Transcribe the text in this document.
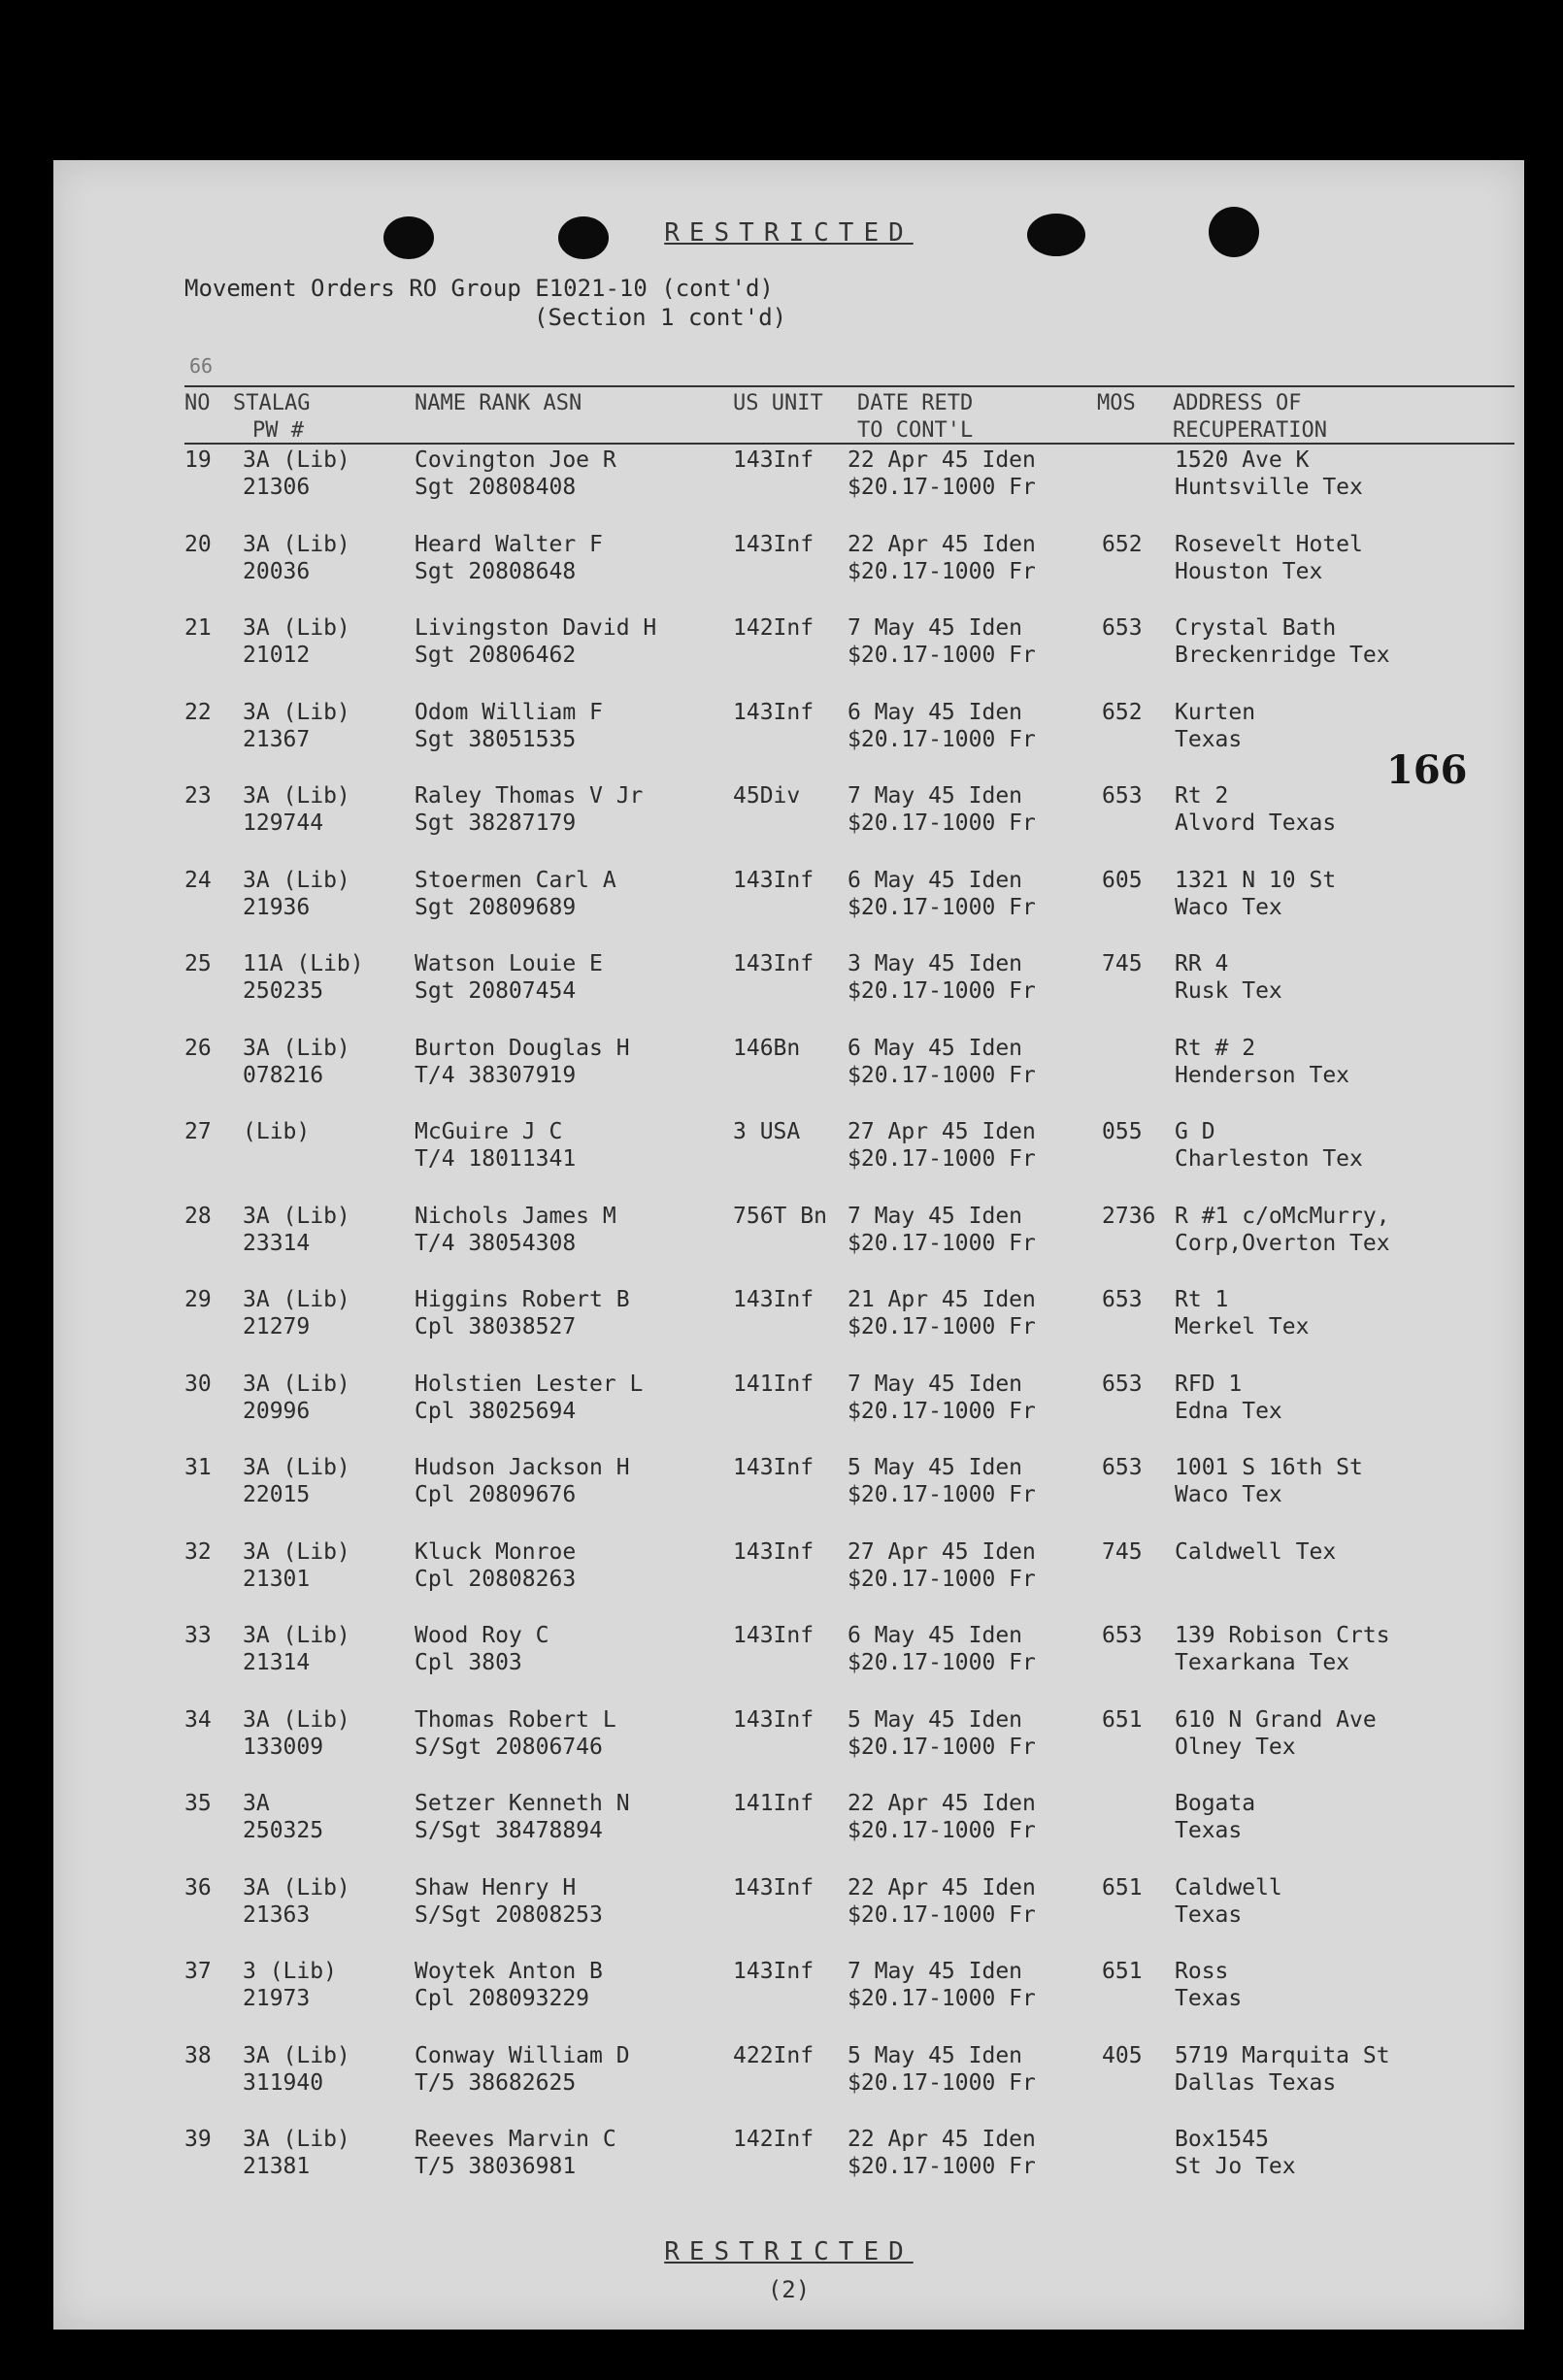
RESTRICTED
Movement Orders RO Group E1021-10 (cont'd)
(Section 1 cont'd)
66
166
NO STALAG
PW #
NAME RANK ASN	US UNIT DATE RETD
TO CONT'L
MOS ADDRESS OF
RECUPERATION
19 3A (Lib)
21306
Covington Joe R
Sgt 20808408
143Inf 22 Apr 45 Iden
$20.17-1000 Fr
1520 Ave K
Huntsville Tex
20 3A (Lib)
20036
Heard Walter F
Sgt 20808648
143Inf 22 Apr 45 Iden
$20.17-1000 Fr
652 Rosevelt Hotel
Houston Tex
21 3A (Lib)
21012
Livingston David H
Sgt 20806462
142Inf 7 May 45 Iden
$20.17-1000 Fr
653 Crystal Bath
Breckenridge Tex
22 3A (Lib)
21367
Odom William F
Sgt 38051535
143Inf 6 May 45 Iden
$20.17-1000 Fr
652 Kurten
Texas
23 3A (Lib)
129744
Raley Thomas V Jr
Sgt 38287179
45Div 7 May 45 Iden
$20.17-1000 Fr
653 Rt 2
Alvord Texas
24 3A (Lib)
21936
Stoermen Carl A
Sgt 20809689
143Inf 6 May 45 Iden
$20.17-1000 Fr
605 1321 N 10 St
Waco Tex
25 11A (Lib)
250235
Watson Louie E
Sgt 20807454
143Inf 3 May 45 Iden
$20.17-1000 Fr
745 RR 4
Rusk Tex
26 3A (Lib)
078216
Burton Douglas H
T/4 38307919
146Bn 6 May 45 Iden
$20.17-1000 Fr
Rt # 2
Henderson Tex
27 (Lib)	McGuire J C
T/4 18011341
3 USA 27 Apr 45 Iden
$20.17-1000 Fr
055 G D
Charleston Tex
28 3A (Lib)
23314
Nichols James M
T/4 38054308
756T Bn 7 May 45 Iden
$20.17-1000 Fr
2736 R #1 c/oMcMurry,
Corp,Overton Tex
29 3A (Lib)
21279
Higgins Robert B
Cpl 38038527
143Inf 21 Apr 45 Iden
$20.17-1000 Fr
653 Rt 1
Merkel Tex
30 3A (Lib)
20996
Holstien Lester L
Cpl 38025694
141Inf 7 May 45 Iden
$20.17-1000 Fr
653 RFD 1
Edna Tex
31 3A (Lib)
22015
Hudson Jackson H
Cpl 20809676
143Inf 5 May 45 Iden
$20.17-1000 Fr
653 1001 S 16th St
Waco Tex
32 3A (Lib)
21301
Kluck Monroe
Cpl 20808263
143Inf 27 Apr 45 Iden
$20.17-1000 Fr
745 Caldwell Tex
33 3A (Lib)
21314
Wood Roy C
Cpl 3803
143Inf 6 May 45 Iden
$20.17-1000 Fr
653 139 Robison Crts
Texarkana Tex
34 3A (Lib)
133009
Thomas Robert L
S/Sgt 20806746
143Inf 5 May 45 Iden
$20.17-1000 Fr
651 610 N Grand Ave
Olney Tex
35 3A
250325
Setzer Kenneth N
S/Sgt 38478894
141Inf 22 Apr 45 Iden
$20.17-1000 Fr
Bogata
Texas
36 3A (Lib)
21363
Shaw Henry H
S/Sgt 20808253
143Inf 22 Apr 45 Iden
$20.17-1000 Fr
651 Caldwell
Texas
37 3 (Lib)
21973
Woytek Anton B
Cpl 208093229
143Inf 7 May 45 Iden
$20.17-1000 Fr
651 Ross
Texas
38 3A (Lib)
311940
Conway William D
T/5 38682625
422Inf 5 May 45 Iden
$20.17-1000 Fr
405 5719 Marquita St
Dallas Texas
39 3A (Lib)
21381
Reeves Marvin C
T/5 38036981
142Inf 22 Apr 45 Iden
$20.17-1000 Fr
Box1545
St Jo Tex
RESTRICTED
(2)
